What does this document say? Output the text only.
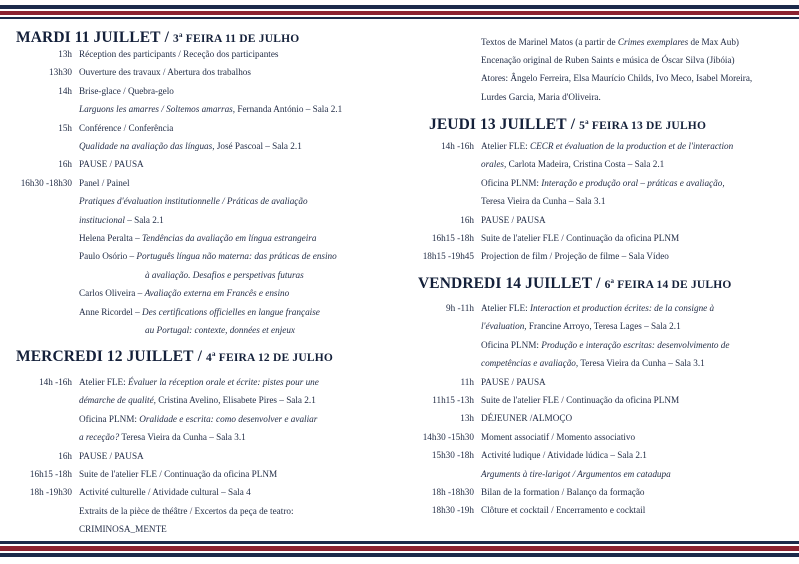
MARDI 11 JUILLET / 3$^a$ FEIRA 11 DE JULHO
13h Réception des participants / Receção dos participantes
13h30 Ouverture des travaux / Abertura dos trabalhos
14h Brise-glace / Quebra-gelo
Larguons les amarres / Soltemos amarras, Fernanda António – Sala 2.1
15h Conférence / Conferência
Qualidade na avaliação das línguas, José Pascoal – Sala 2.1
16h PAUSE / PAUSA
16h30 -18h30 Panel / Painel
Pratiques d'évaluation institutionnelle / Práticas de avaliação
institucional – Sala 2.1
Helena Peralta – Tendências da avaliação em língua estrangeira
Paulo Osório – Português língua não materna: das práticas de ensino
à avaliação. Desafios e perspetivas futuras
Carlos Oliveira – Avaliação externa em Francês e ensino
Anne Ricordel – Des certifications officielles en langue française
au Portugal: contexte, données et enjeux
MERCREDI 12 JUILLET / 4$^a$ FEIRA 12 DE JULHO
14h -16h Atelier FLE: Évaluer la réception orale et écrite: pistes pour une
démarche de qualité, Cristina Avelino, Elisabete Pires – Sala 2.1
Oficina PLNM: Oralidade e escrita: como desenvolver e avaliar
a receção? Teresa Vieira da Cunha – Sala 3.1
16h PAUSE / PAUSA
16h15 -18h Suite de l'atelier FLE / Continuação da oficina PLNM
18h -19h30 Activité culturelle / Atividade cultural – Sala 4
Extraits de la pièce de théâtre / Excertos da peça de teatro:
CRIMINOSA_MENTE
Textos de Marinel Matos (a partir de Crimes exemplares de Max Aub)
Encenação original de Ruben Saints e música de Óscar Silva (Jibóia)
Atores: Ângelo Ferreira, Elsa Maurício Childs, Ivo Meco, Isabel Moreira,
Lurdes Garcia, Maria d'Oliveira.
JEUDI 13 JUILLET / 5$^a$ FEIRA 13 DE JULHO
14h -16h Atelier FLE: CECR et évaluation de la production et de l'interaction
orales, Carlota Madeira, Cristina Costa – Sala 2.1
Oficina PLNM: Interação e produção oral – práticas e avaliação,
Teresa Vieira da Cunha – Sala 3.1
16h PAUSE / PAUSA
16h15 -18h Suite de l'atelier FLE / Continuação da oficina PLNM
18h15 -19h45 Projection de film / Projeção de filme – Sala Vídeo
VENDREDI 14 JUILLET / 6$^a$ FEIRA 14 DE JULHO
9h -11h Atelier FLE: Interaction et production écrites: de la consigne à
l'évaluation, Francine Arroyo, Teresa Lages – Sala 2.1
Oficina PLNM: Produção e interação escritas: desenvolvimento de
competências e avaliação, Teresa Vieira da Cunha – Sala 3.1
11h PAUSE / PAUSA
11h15 -13h Suite de l'atelier FLE / Continuação da oficina PLNM
13h DÉJEUNER /ALMOÇO
14h30 -15h30 Moment associatif / Momento associativo
15h30 -18h Activité ludique / Atividade lúdica – Sala 2.1
Arguments à tire-larigot / Argumentos em catadupa
18h -18h30 Bilan de la formation / Balanço da formação
18h30 -19h Clôture et cocktail / Encerramento e cocktail
